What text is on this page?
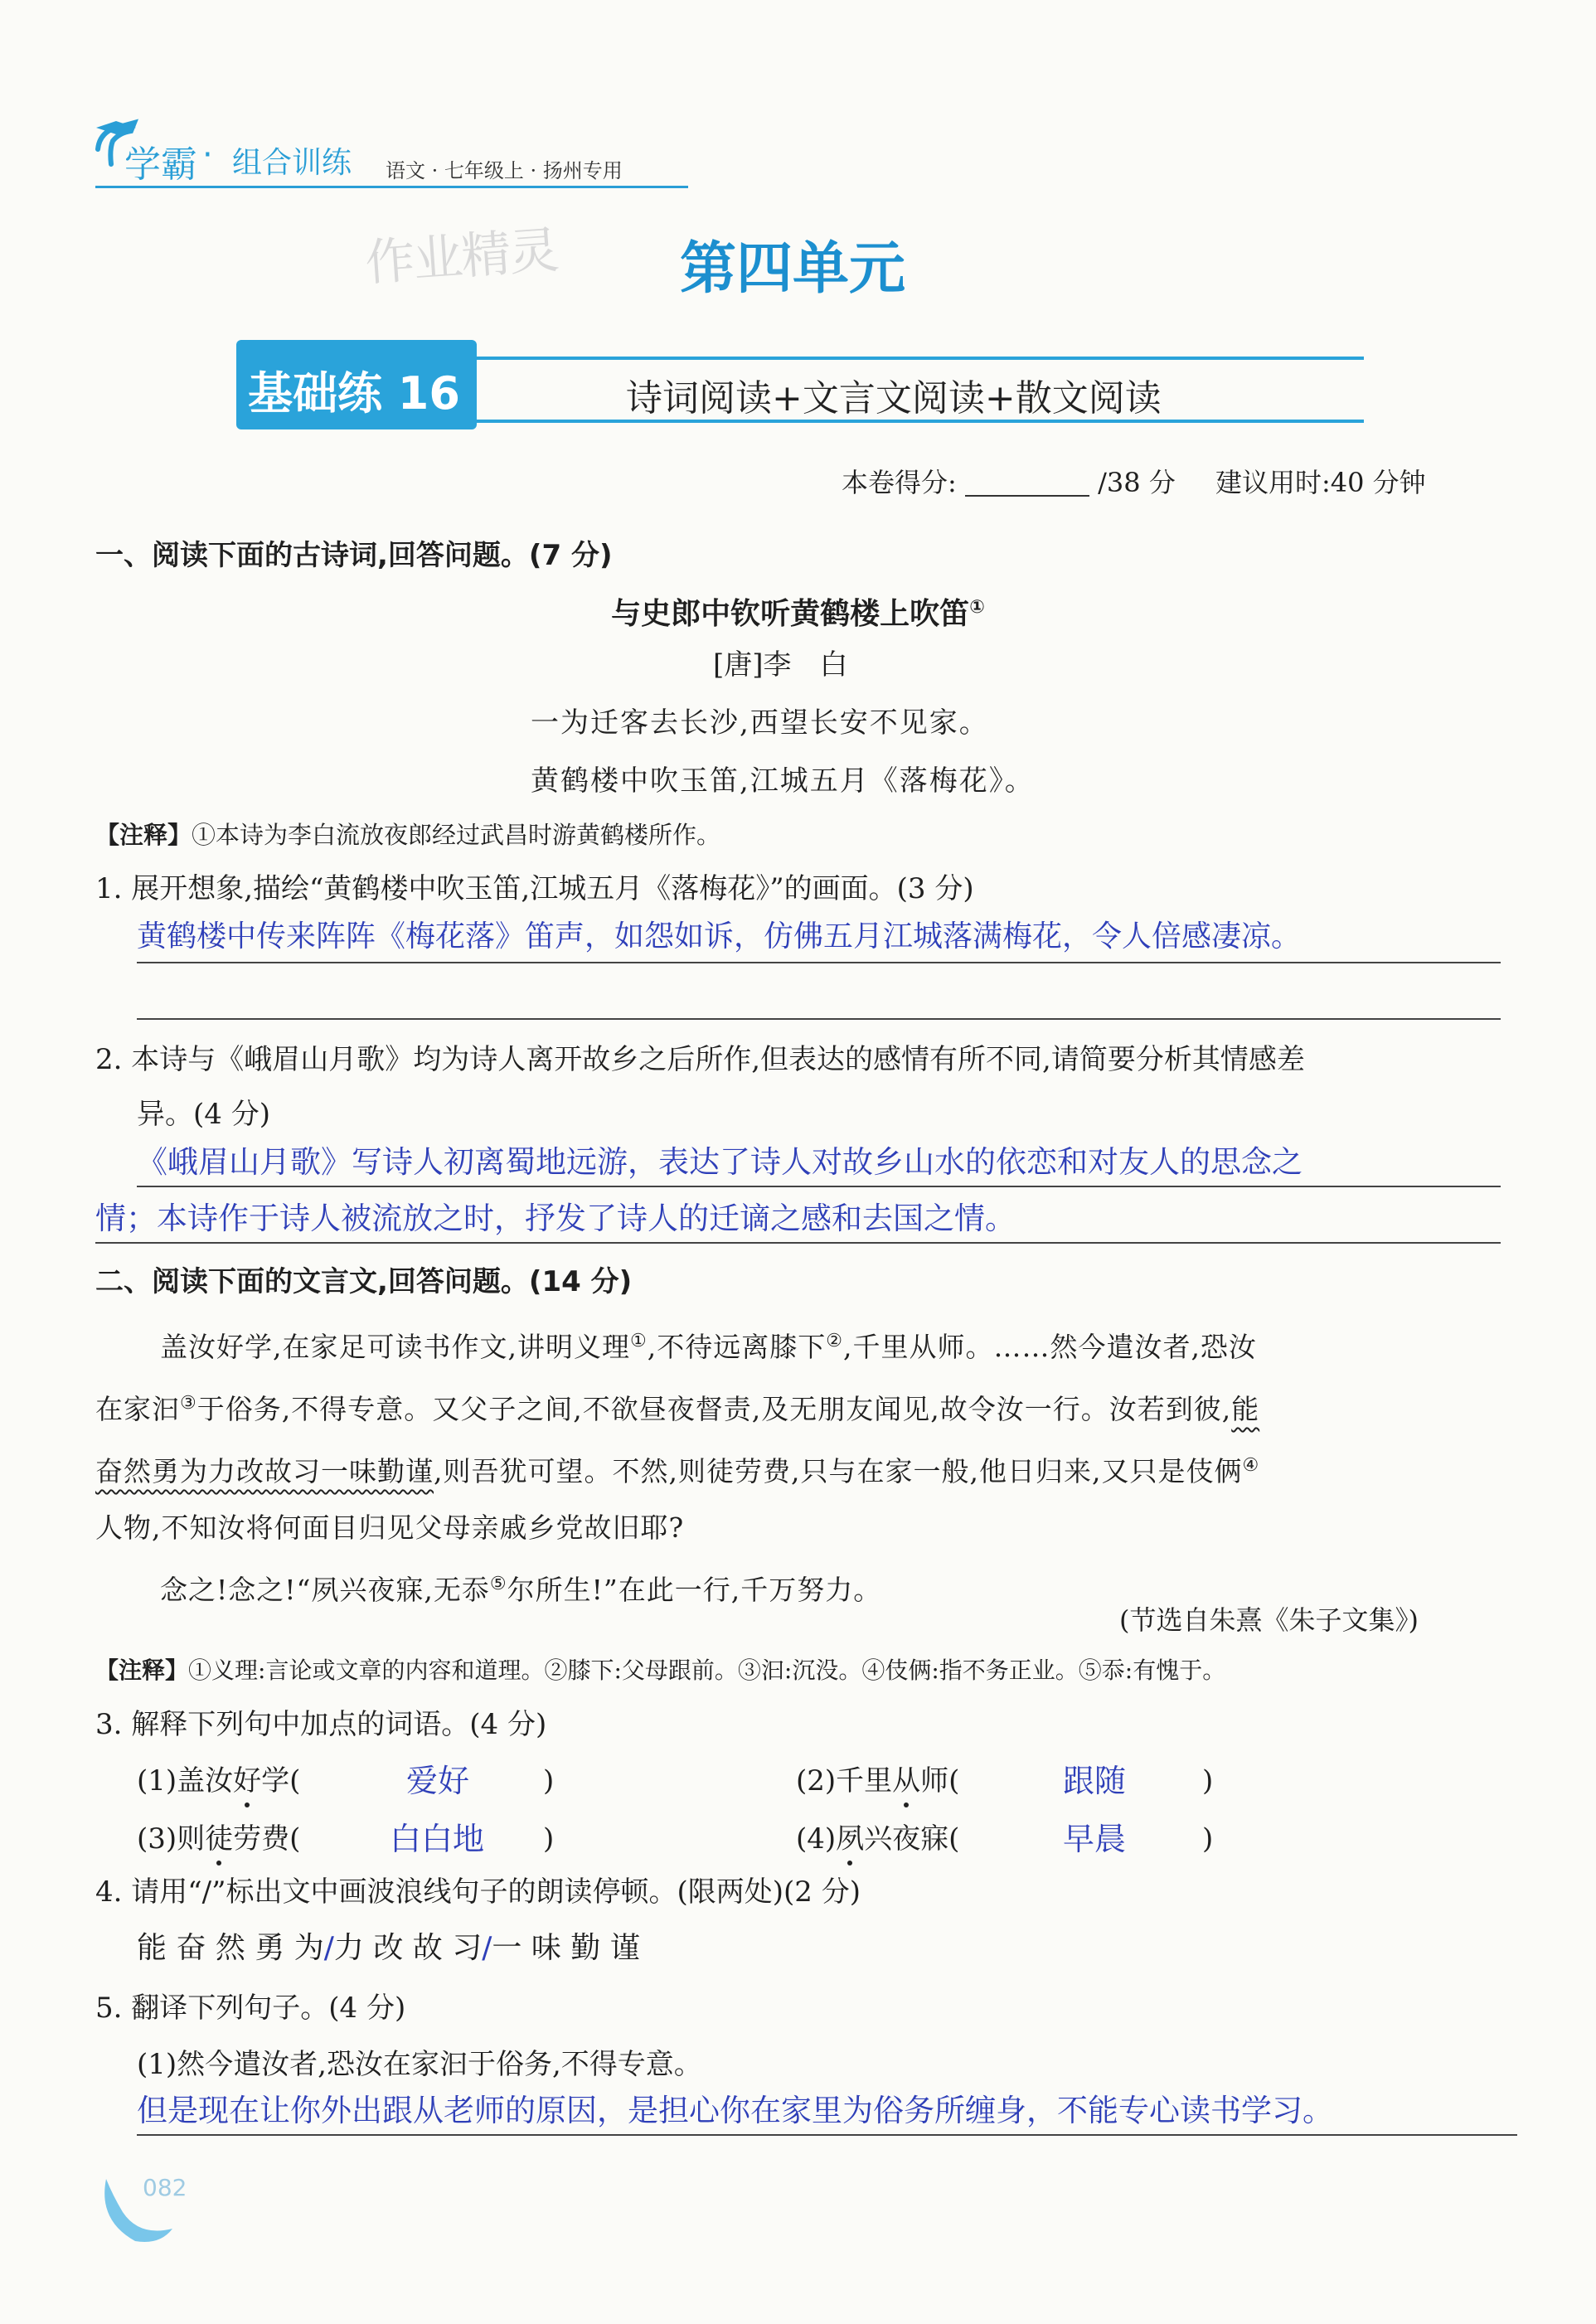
学霸 · 组合训练 语文 · 七年级上 · 扬州专用
作业精灵 第四单元
基础练 16	诗词阅读+文言文阅读+散文阅读
本卷得分:	/38 分 建议用时:40 分钟
一、阅读下面的古诗词,回答问题。(7 分)
与史郎中钦听黄鹤楼上吹笛①
[唐]李　白
一为迁客去长沙,西望长安不见家。
黄鹤楼中吹玉笛,江城五月《落梅花》。
【注释】①本诗为李白流放夜郎经过武昌时游黄鹤楼所作。
1. 展开想象,描绘“黄鹤楼中吹玉笛,江城五月《落梅花》”的画面。(3 分)
黄鹤楼中传来阵阵《梅花落》笛声，如怨如诉，仿佛五月江城落满梅花，令人倍感凄凉。
2. 本诗与《峨眉山月歌》均为诗人离开故乡之后所作,但表达的感情有所不同,请简要分析其情感差
异。(4 分)
《峨眉山月歌》写诗人初离蜀地远游，表达了诗人对故乡山水的依恋和对友人的思念之
情；本诗作于诗人被流放之时，抒发了诗人的迁谪之感和去国之情。
二、阅读下面的文言文,回答问题。(14 分)
盖汝好学,在家足可读书作文,讲明义理①,不待远离膝下②,千里从师。……然今遣汝者,恐汝
在家汩③于俗务,不得专意。又父子之间,不欲昼夜督责,及无朋友闻见,故令汝一行。汝若到彼,能
奋然勇为力改故习一味勤谨,则吾犹可望。不然,则徒劳费,只与在家一般,他日归来,又只是伎俩④
人物,不知汝将何面目归见父母亲戚乡党故旧耶?
念之!念之!“夙兴夜寐,无忝⑤尔所生!”在此一行,千万努力。
(节选自朱熹《朱子文集》)
【注释】①义理:言论或文章的内容和道理。②膝下:父母跟前。③汩:沉没。④伎俩:指不务正业。⑤忝:有愧于。
3. 解释下列句中加点的词语。(4 分)
(1)盖汝好学(	爱好	)	(2)千里从师(	跟随	)
(3)则徒劳费(	白白地 )	(4)夙兴夜寐(	早晨	)
4. 请用“/”标出文中画波浪线句子的朗读停顿。(限两处)(2 分)
能 奋 然 勇 为/力 改 故 习/一 味 勤 谨
5. 翻译下列句子。(4 分)
(1)然今遣汝者,恐汝在家汩于俗务,不得专意。
但是现在让你外出跟从老师的原因，是担心你在家里为俗务所缠身，不能专心读书学习。
082
